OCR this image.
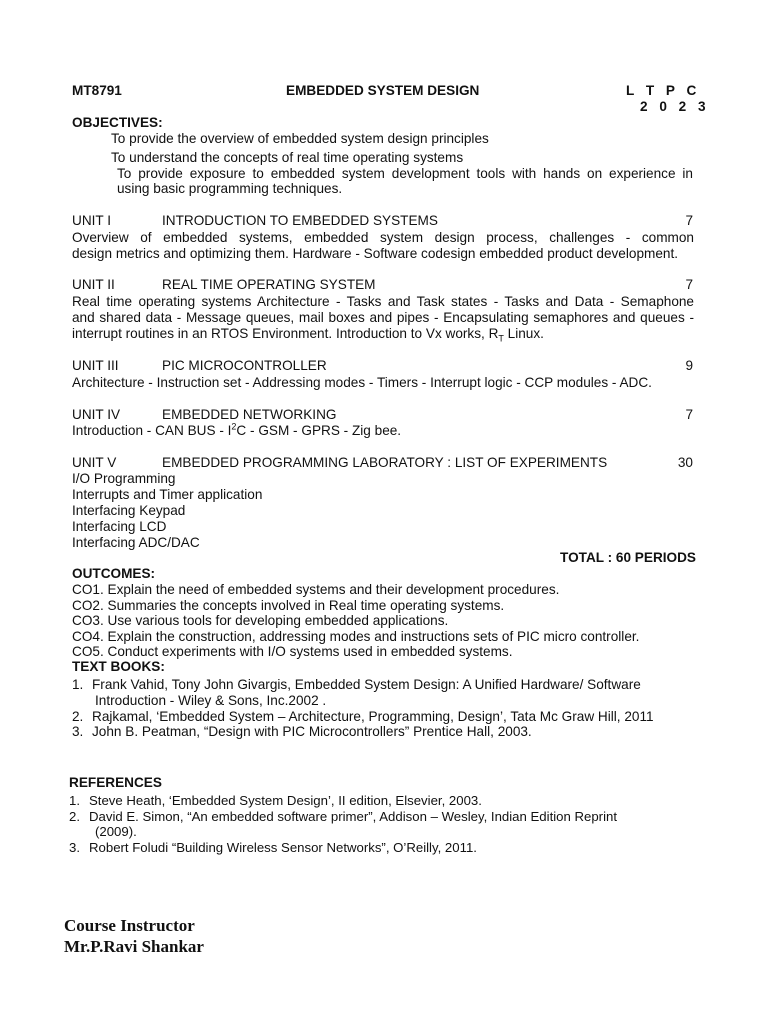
MT8791	EMBEDDED SYSTEM DESIGN	L T P C
2 0 2 3
OBJECTIVES:
To provide the overview of embedded system design principles
To understand the concepts of real time operating systems
To provide exposure to embedded system development tools with hands on experience in
using basic programming techniques.
UNIT I	INTRODUCTION TO EMBEDDED SYSTEMS	7
Overview of embedded systems, embedded system design process, challenges - common
design metrics and optimizing them. Hardware - Software codesign embedded product development.
UNIT II	REAL TIME OPERATING SYSTEM	7
Real time operating systems Architecture - Tasks and Task states - Tasks and Data - Semaphone
and shared data - Message queues, mail boxes and pipes - Encapsulating semaphores and queues -
interrupt routines in an RTOS Environment. Introduction to Vx works, $R_T$ Linux.
UNIT III	PIC MICROCONTROLLER	9
Architecture - Instruction set - Addressing modes - Timers - Interrupt logic - CCP modules - ADC.
UNIT IV	EMBEDDED NETWORKING	7
Introduction - CAN BUS - $I^2C$ - GSM - GPRS - Zig bee.
UNIT V	EMBEDDED PROGRAMMING LABORATORY : LIST OF EXPERIMENTS	30
I/O Programming
Interrupts and Timer application
Interfacing Keypad
Interfacing LCD
Interfacing ADC/DAC
TOTAL : 60 PERIODS
OUTCOMES:
CO1. Explain the need of embedded systems and their development procedures.
CO2. Summaries the concepts involved in Real time operating systems.
CO3. Use various tools for developing embedded applications.
CO4. Explain the construction, addressing modes and instructions sets of PIC micro controller.
CO5. Conduct experiments with I/O systems used in embedded systems.
TEXT BOOKS:
1. Frank Vahid, Tony John Givargis, Embedded System Design: A Unified Hardware/ Software
Introduction - Wiley & Sons, Inc.2002 .
2. Rajkamal, ‘Embedded System – Architecture, Programming, Design’, Tata Mc Graw Hill, 2011
3. John B. Peatman, “Design with PIC Microcontrollers” Prentice Hall, 2003.
REFERENCES
1. Steve Heath, ‘Embedded System Design’, II edition, Elsevier, 2003.
2. David E. Simon, “An embedded software primer”, Addison – Wesley, Indian Edition Reprint
(2009).
3. Robert Foludi “Building Wireless Sensor Networks”, O’Reilly, 2011.
Course Instructor
Mr.P.Ravi Shankar
